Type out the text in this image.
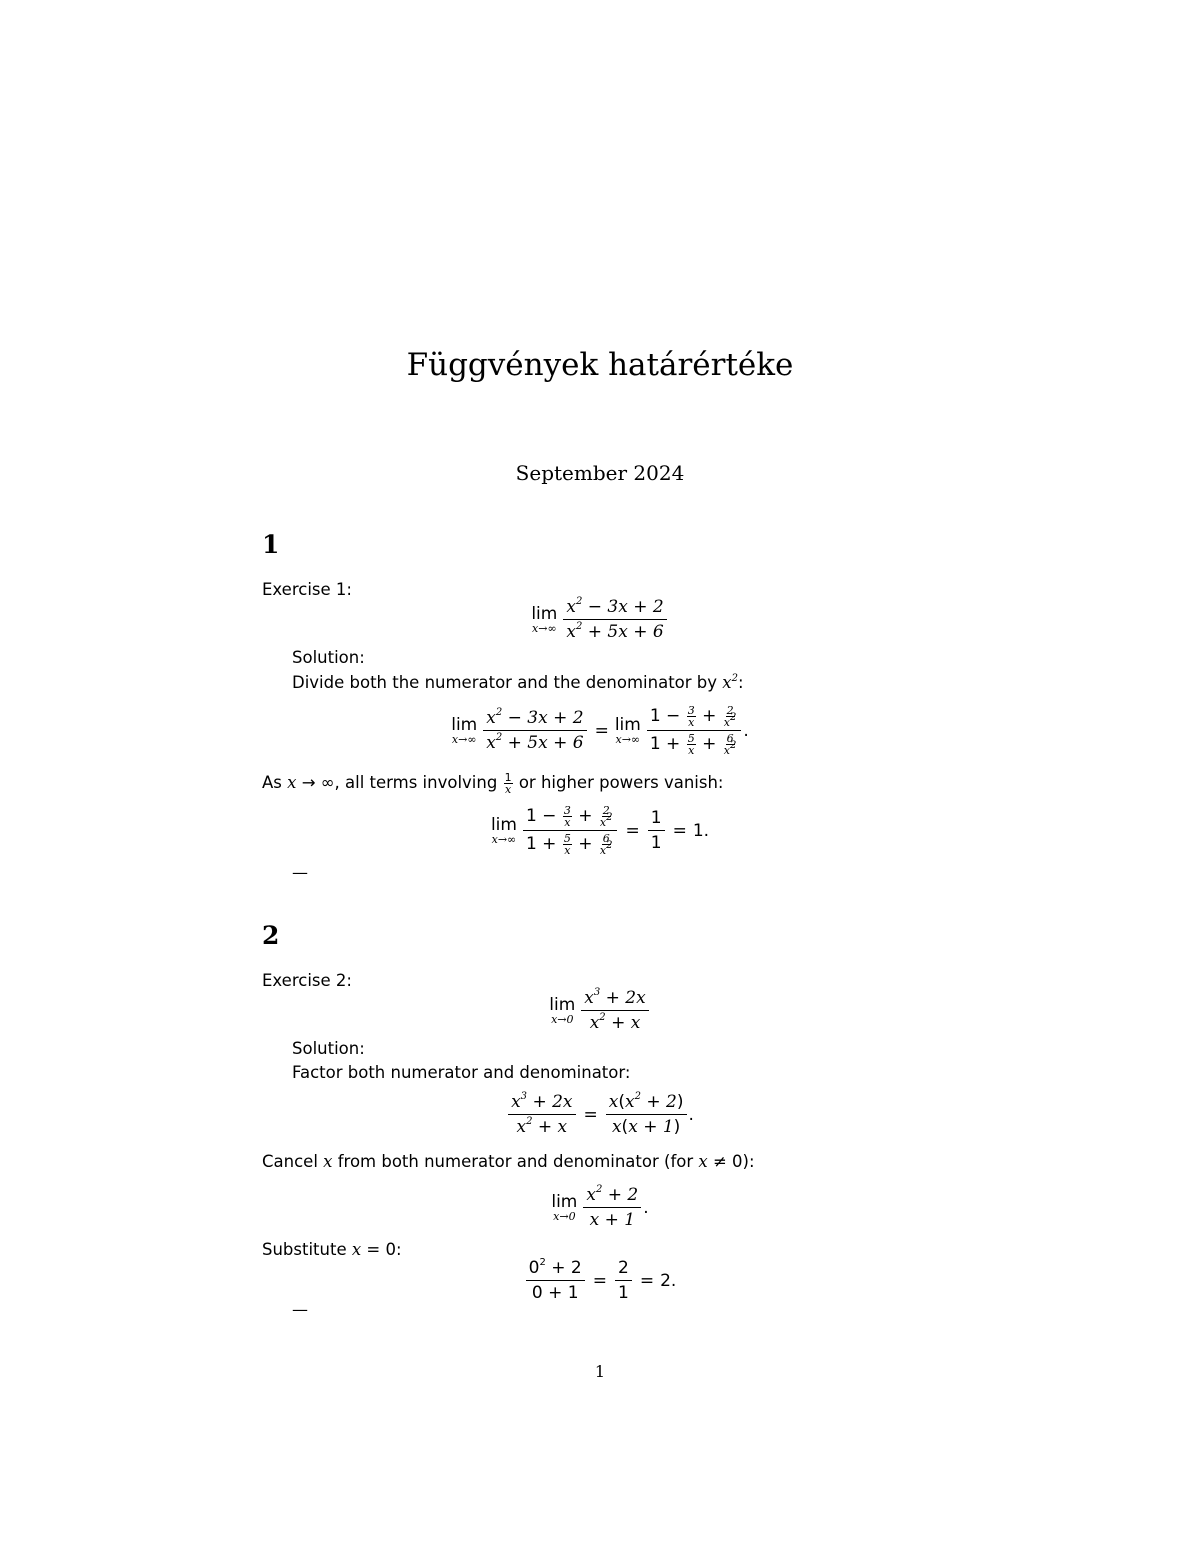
Függvények határértéke
September 2024
1
Exercise 1:
lim
$x\to\infty \frac{x^2 - 3x + 2}{x^2 + 5x + 6}$
Solution:
Divide both the numerator and the denominator by $x^2$:
lim
$x\to\infty \frac{x^2 - 3x + 2}{x^2 + 5x + 6} = \lim$
$x\to\infty \frac{1 - \frac{3}{x} + \frac{2}{x^2}}{1 + \frac{5}{x} + \frac{6}{x^2}}$ .
As x → ∞, all terms involving $\frac{1}{x}$ or higher powers vanish:
lim
$x\to\infty \frac{1 - \frac{3}{x} + \frac{2}{x^2}}{1 + \frac{5}{x} + \frac{6}{x^2}} = \frac{1}{1} = 1$.
—
2
Exercise 2:
lim
$x\to 0 \frac{x^3 + 2x}{x^2 + x}$
Solution:
Factor both numerator and denominator:
$\frac{x^3 + 2x}{x^2 + x} = \frac{x(x^2 + 2)}{x(x + 1)}$ .
Cancel x from both numerator and denominator (for x ≠ 0):
lim
$x\to 0 \frac{x^2 + 2}{x + 1}$ .
Substitute x = 0:
$\frac{0^2 + 2}{0 + 1} = \frac{2}{1} = 2$.
—
1
